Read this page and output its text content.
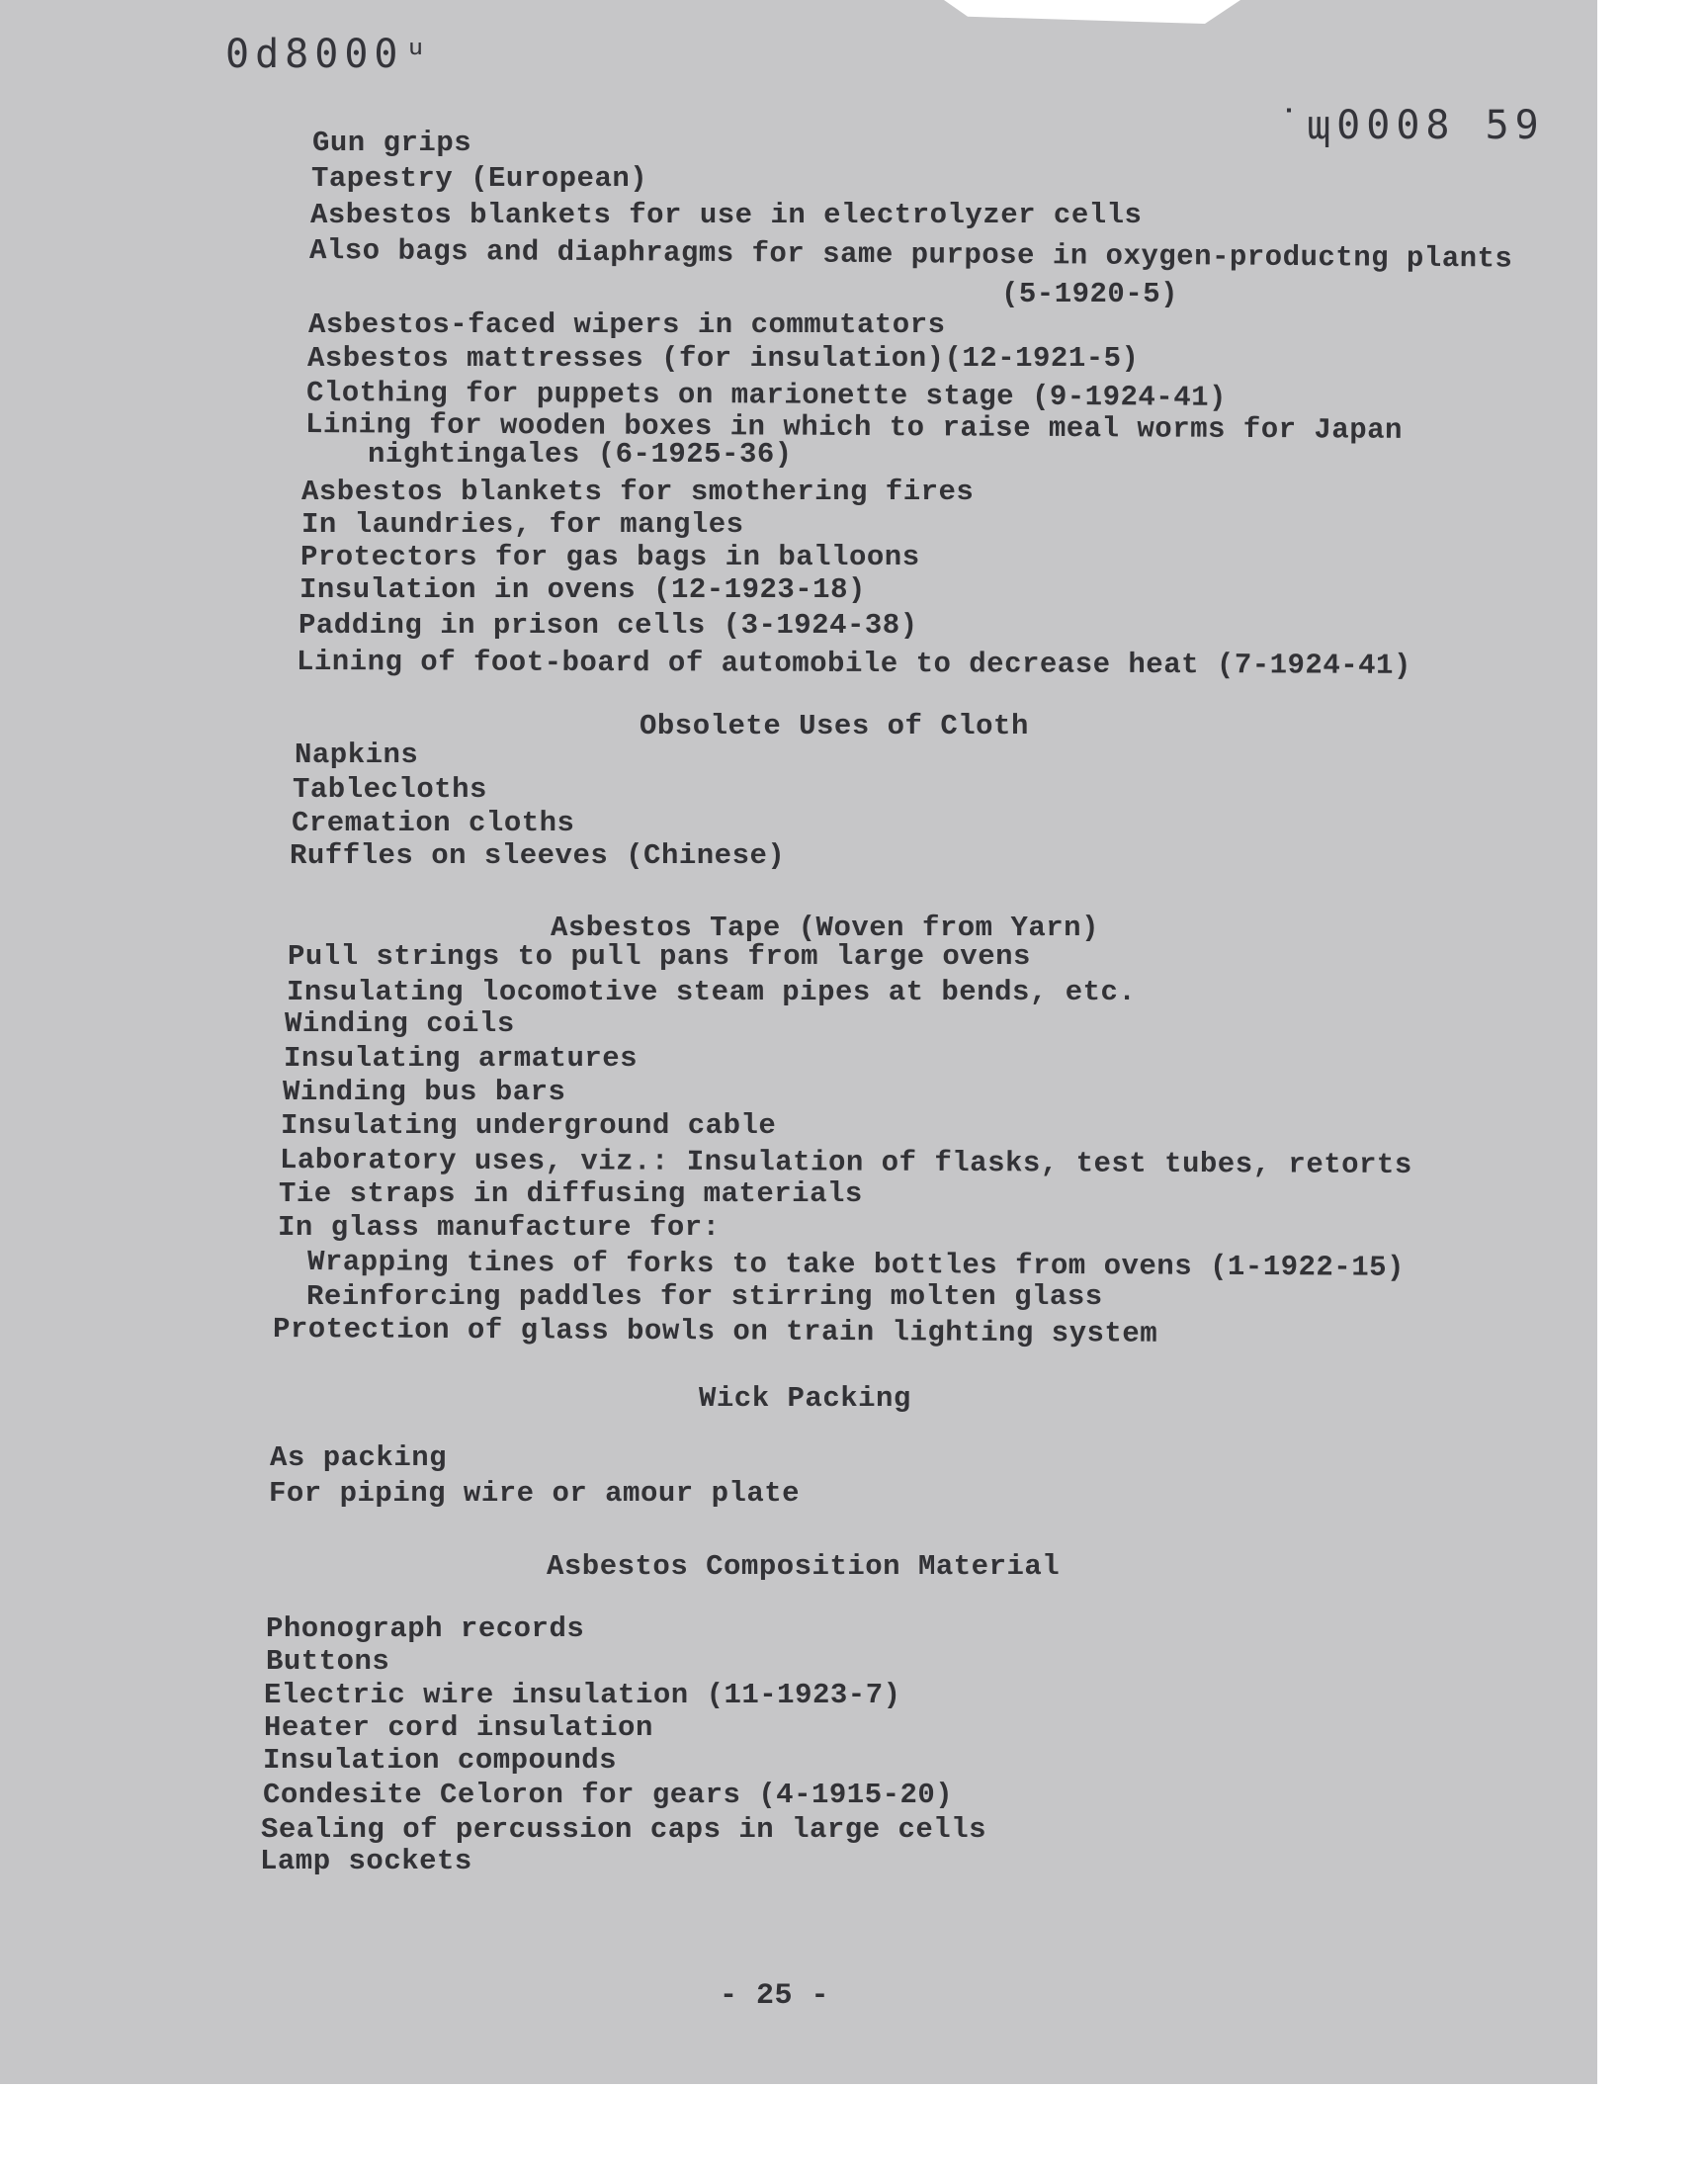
0d8000ᵘ
˙ɰ0008 59
Gun grips
Tapestry (European)
Asbestos blankets for use in electrolyzer cells
Also bags and diaphragms for same purpose in oxygen-productng plants
(5-1920-5)
Asbestos-faced wipers in commutators
Asbestos mattresses (for insulation)(12-1921-5)
Clothing for puppets on marionette stage (9-1924-41)
Lining for wooden boxes in which to raise meal worms for Japan
nightingales (6-1925-36)
Asbestos blankets for smothering fires
In laundries, for mangles
Protectors for gas bags in balloons
Insulation in ovens (12-1923-18)
Padding in prison cells (3-1924-38)
Lining of foot-board of automobile to decrease heat (7-1924-41)
Obsolete Uses of Cloth
Napkins
Tablecloths
Cremation cloths
Ruffles on sleeves (Chinese)
Asbestos Tape (Woven from Yarn)
Pull strings to pull pans from large ovens
Insulating locomotive steam pipes at bends, etc.
Winding coils
Insulating armatures
Winding bus bars
Insulating underground cable
Laboratory uses, viz.: Insulation of flasks, test tubes, retorts
Tie straps in diffusing materials
In glass manufacture for:
Wrapping tines of forks to take bottles from ovens (1-1922-15)
Reinforcing paddles for stirring molten glass
Protection of glass bowls on train lighting system
Wick Packing
As packing
For piping wire or amour plate
Asbestos Composition Material
Phonograph records
Buttons
Electric wire insulation (11-1923-7)
Heater cord insulation
Insulation compounds
Condesite Celoron for gears (4-1915-20)
Sealing of percussion caps in large cells
Lamp sockets
- 25 -
